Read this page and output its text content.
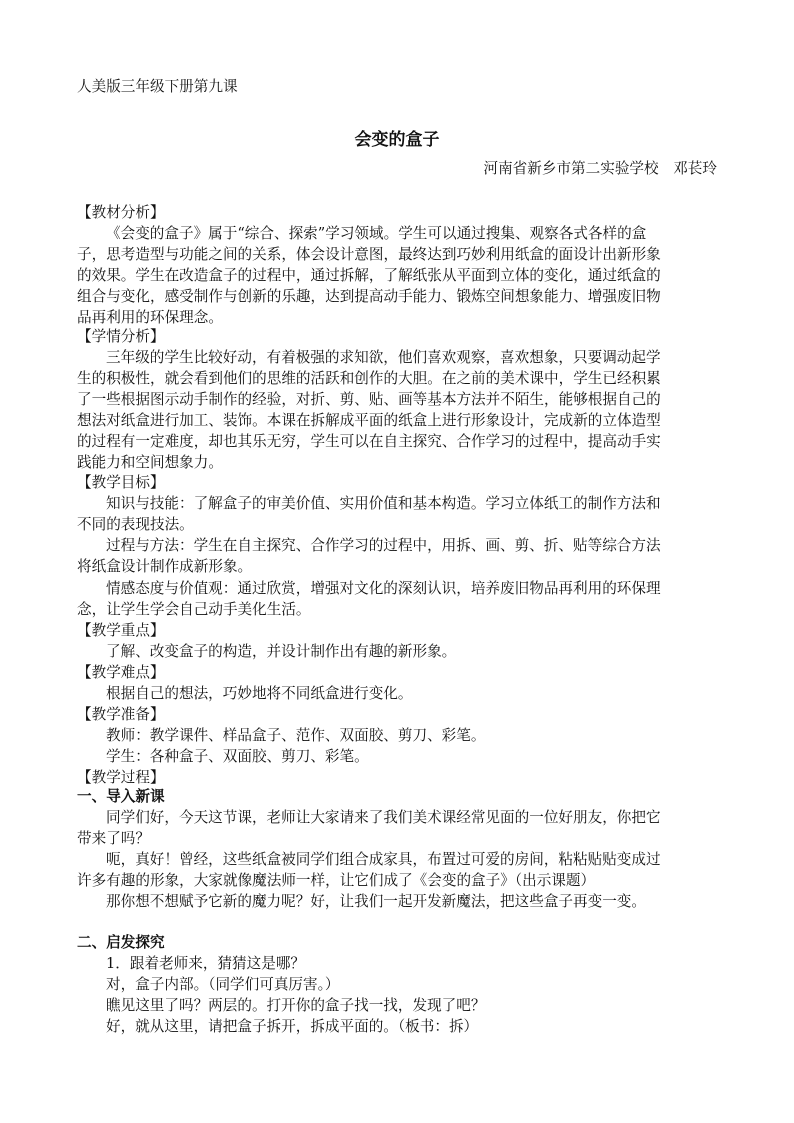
人美版三年级下册第九课
会变的盒子
河南省新乡市第二实验学校　邓苌玲
【教材分析】
《会变的盒子》属于“综合、探索”学习领域。学生可以通过搜集、观察各式各样的盒
子，思考造型与功能之间的关系，体会设计意图，最终达到巧妙利用纸盒的面设计出新形象
的效果。学生在改造盒子的过程中，通过拆解，了解纸张从平面到立体的变化，通过纸盒的
组合与变化，感受制作与创新的乐趣，达到提高动手能力、锻炼空间想象能力、增强废旧物
品再利用的环保理念。
【学情分析】
三年级的学生比较好动，有着极强的求知欲，他们喜欢观察，喜欢想象，只要调动起学
生的积极性，就会看到他们的思维的活跃和创作的大胆。在之前的美术课中，学生已经积累
了一些根据图示动手制作的经验，对折、剪、贴、画等基本方法并不陌生，能够根据自己的
想法对纸盒进行加工、装饰。本课在拆解成平面的纸盒上进行形象设计，完成新的立体造型
的过程有一定难度，却也其乐无穷，学生可以在自主探究、合作学习的过程中，提高动手实
践能力和空间想象力。
【教学目标】
知识与技能：了解盒子的审美价值、实用价值和基本构造。学习立体纸工的制作方法和
不同的表现技法。
过程与方法：学生在自主探究、合作学习的过程中，用拆、画、剪、折、贴等综合方法
将纸盒设计制作成新形象。
情感态度与价值观：通过欣赏，增强对文化的深刻认识，培养废旧物品再利用的环保理
念，让学生学会自己动手美化生活。
【教学重点】
了解、改变盒子的构造，并设计制作出有趣的新形象。
【教学难点】
根据自己的想法，巧妙地将不同纸盒进行变化。
【教学准备】
教师：教学课件、样品盒子、范作、双面胶、剪刀、彩笔。
学生：各种盒子、双面胶、剪刀、彩笔。
【教学过程】
一、导入新课
同学们好，今天这节课，老师让大家请来了我们美术课经常见面的一位好朋友，你把它
带来了吗？
呃，真好！曾经，这些纸盒被同学们组合成家具，布置过可爱的房间，粘粘贴贴变成过
许多有趣的形象，大家就像魔法师一样，让它们成了《会变的盒子》（出示课题）
那你想不想赋予它新的魔力呢？好，让我们一起开发新魔法，把这些盒子再变一变。
二、启发探究
1．跟着老师来，猜猜这是哪？
对，盒子内部。（同学们可真厉害。）
瞧见这里了吗？两层的。打开你的盒子找一找，发现了吧？
好，就从这里，请把盒子拆开，拆成平面的。（板书：拆）
